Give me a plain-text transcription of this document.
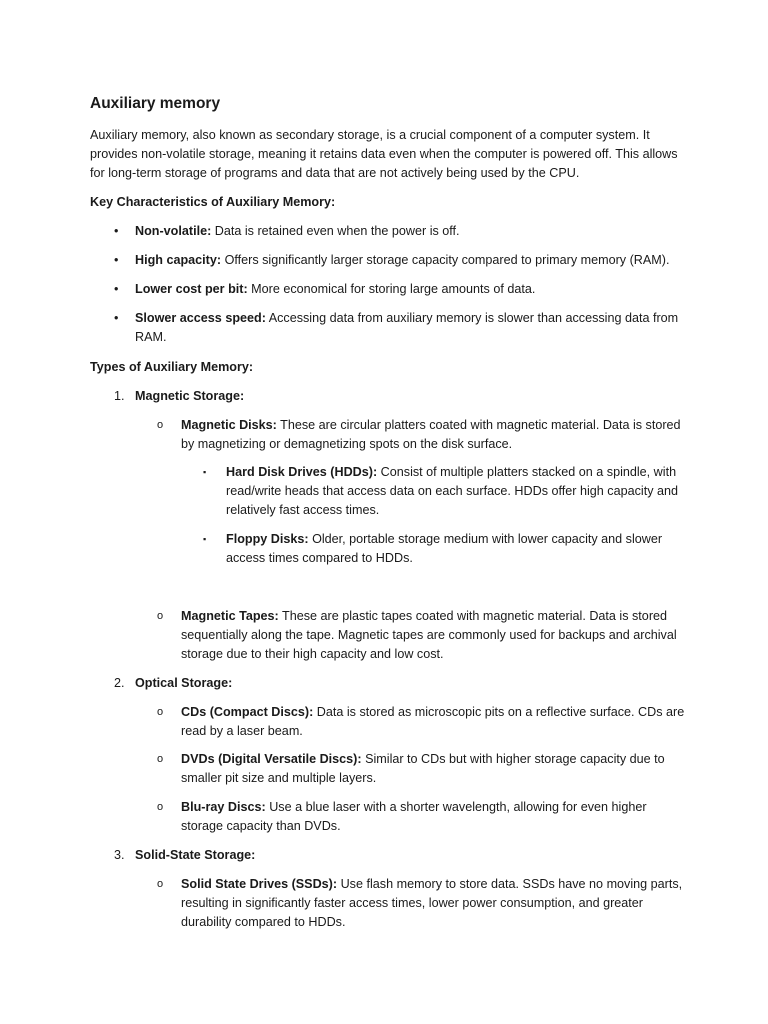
Auxiliary memory
Auxiliary memory, also known as secondary storage, is a crucial component of a computer system. It provides non-volatile storage, meaning it retains data even when the computer is powered off. This allows for long-term storage of programs and data that are not actively being used by the CPU.
Key Characteristics of Auxiliary Memory:
•	Non-volatile: Data is retained even when the power is off.
•	High capacity: Offers significantly larger storage capacity compared to primary memory (RAM).
•	Lower cost per bit: More economical for storing large amounts of data.
•	Slower access speed: Accessing data from auxiliary memory is slower than accessing data from RAM.
Types of Auxiliary Memory:
1. Magnetic Storage:
o	Magnetic Disks: These are circular platters coated with magnetic material. Data is stored by magnetizing or demagnetizing spots on the disk surface.
▪	Hard Disk Drives (HDDs): Consist of multiple platters stacked on a spindle, with read/write heads that access data on each surface. HDDs offer high capacity and relatively fast access times.
▪	Floppy Disks: Older, portable storage medium with lower capacity and slower access times compared to HDDs.
o	Magnetic Tapes: These are plastic tapes coated with magnetic material. Data is stored sequentially along the tape. Magnetic tapes are commonly used for backups and archival storage due to their high capacity and low cost.
2. Optical Storage:
o	CDs (Compact Discs): Data is stored as microscopic pits on a reflective surface. CDs are read by a laser beam.
o	DVDs (Digital Versatile Discs): Similar to CDs but with higher storage capacity due to smaller pit size and multiple layers.
o	Blu-ray Discs: Use a blue laser with a shorter wavelength, allowing for even higher storage capacity than DVDs.
3. Solid-State Storage:
o	Solid State Drives (SSDs): Use flash memory to store data. SSDs have no moving parts, resulting in significantly faster access times, lower power consumption, and greater durability compared to HDDs.
